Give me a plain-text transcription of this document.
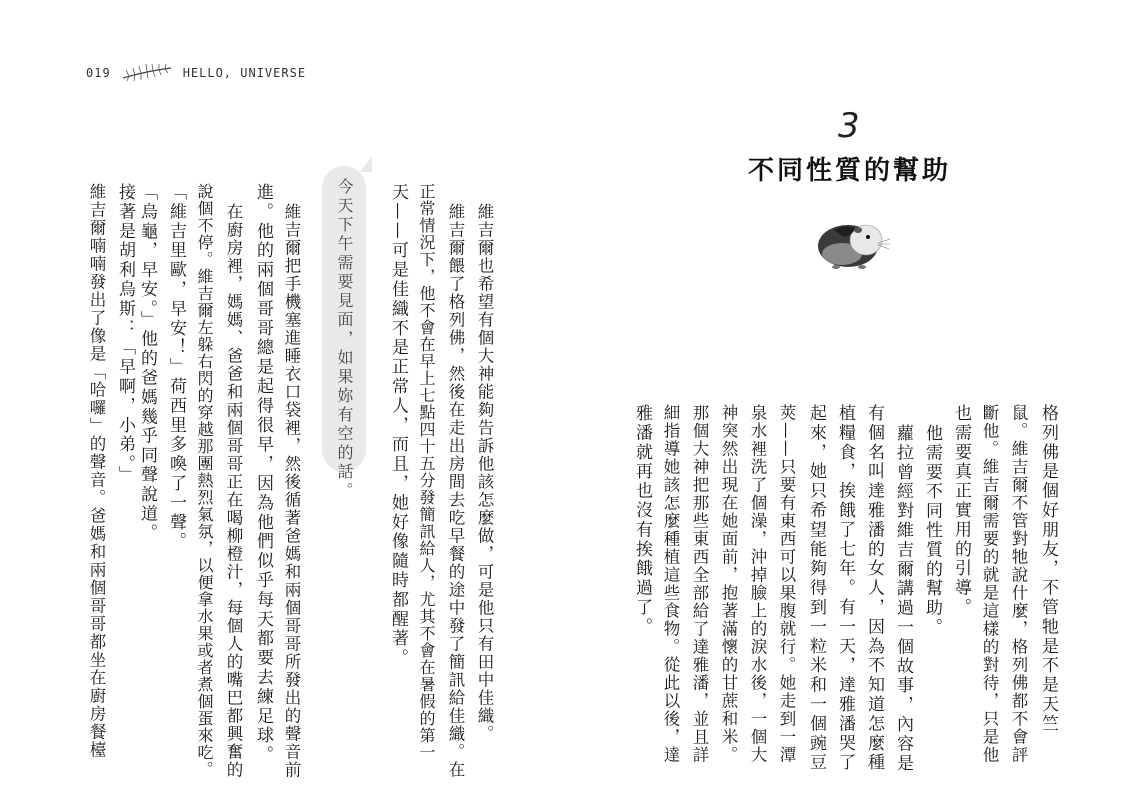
019	HELLO, UNIVERSE
3
不同性質的幫助
今天下午需要見面，如果妳有空的話。
格列佛是個好朋友，不管牠是不是天竺
鼠。維吉爾不管對牠說什麼，格列佛都不會評
斷他。維吉爾需要的就是這樣的對待，只是他
也需要真正實用的引導。
他需要不同性質的幫助。
蘿拉曾經對維吉爾講過一個故事，內容是
有個名叫達雅潘的女人，因為不知道怎麼種
植糧食，挨餓了七年。有一天，達雅潘哭了
起來，她只希望能夠得到一粒米和一個豌豆
莢——只要有東西可以果腹就行。她走到一潭
泉水裡洗了個澡，沖掉臉上的淚水後，一個大
神突然出現在她面前，抱著滿懷的甘蔗和米。
那個大神把那些東西全部給了達雅潘，並且詳
細指導她該怎麼種植這些食物。從此以後，達
雅潘就再也沒有挨餓過了。
維吉爾也希望有個大神能夠告訴他該怎麼做，可是他只有田中佳織。
維吉爾餵了格列佛，然後在走出房間去吃早餐的途中發了簡訊給佳織。在
正常情況下，他不會在早上七點四十五分發簡訊給人，尤其不會在暑假的第一
天——可是佳織不是正常人，而且，她好像隨時都醒著。
維吉爾把手機塞進睡衣口袋裡，然後循著爸媽和兩個哥哥所發出的聲音前
進。他的兩個哥哥總是起得很早，因為他們似乎每天都要去練足球。
在廚房裡，媽媽、爸爸和兩個哥哥正在喝柳橙汁，每個人的嘴巴都興奮的
說個不停。維吉爾左躲右閃的穿越那團熱烈氣氛，以便拿水果或者煮個蛋來吃。
「維吉里歐，早安！」荷西里多喚了一聲。
「烏龜，早安。」他的爸媽幾乎同聲說道。
接著是胡利烏斯：「早啊，小弟。」
維吉爾喃喃發出了像是「哈囉」的聲音。爸媽和兩個哥哥都坐在廚房餐檯
